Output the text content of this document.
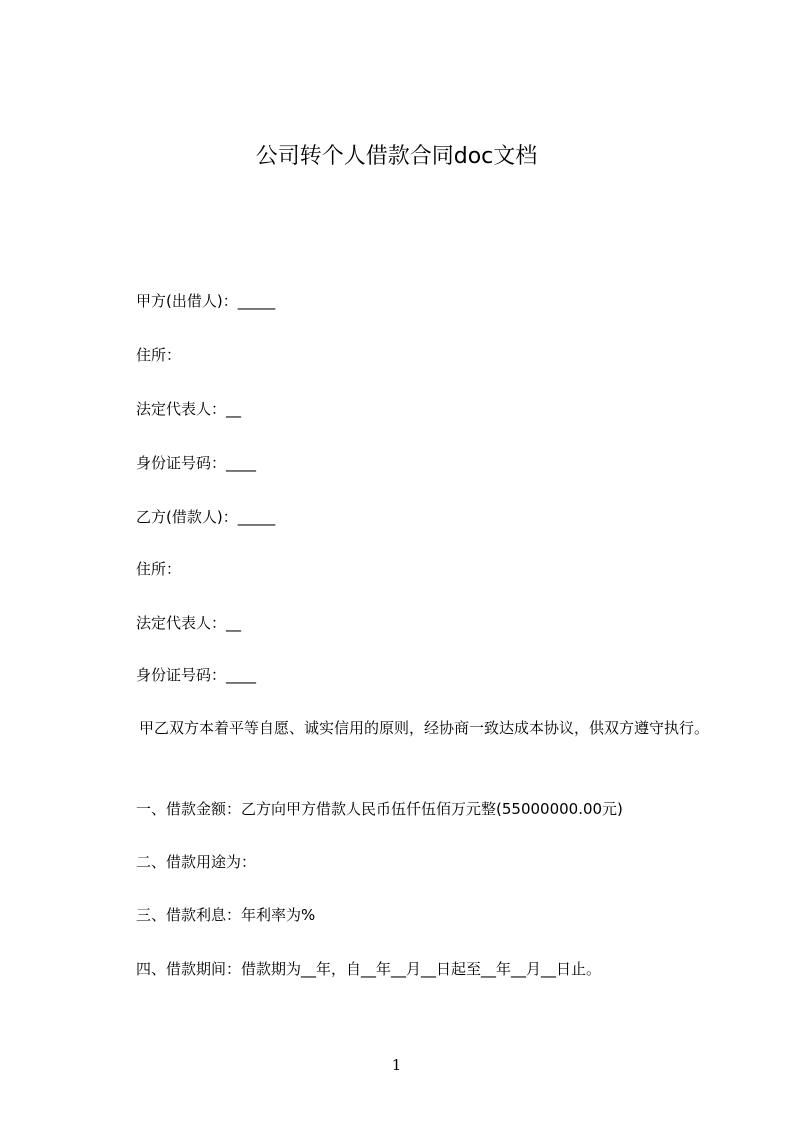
公司转个人借款合同doc文档
甲方(出借人)：_____
住所：
法定代表人：__
身份证号码：____
乙方(借款人)：_____
住所：
法定代表人：__
身份证号码：____
甲乙双方本着平等自愿、诚实信用的原则，经协商一致达成本协议，供双方遵守执行。
一、借款金额：乙方向甲方借款人民币伍仟伍佰万元整(55000000.00元)
二、借款用途为：
三、借款利息：年利率为%
四、借款期间：借款期为__年，自__年__月__日起至__年__月__日止。
1
